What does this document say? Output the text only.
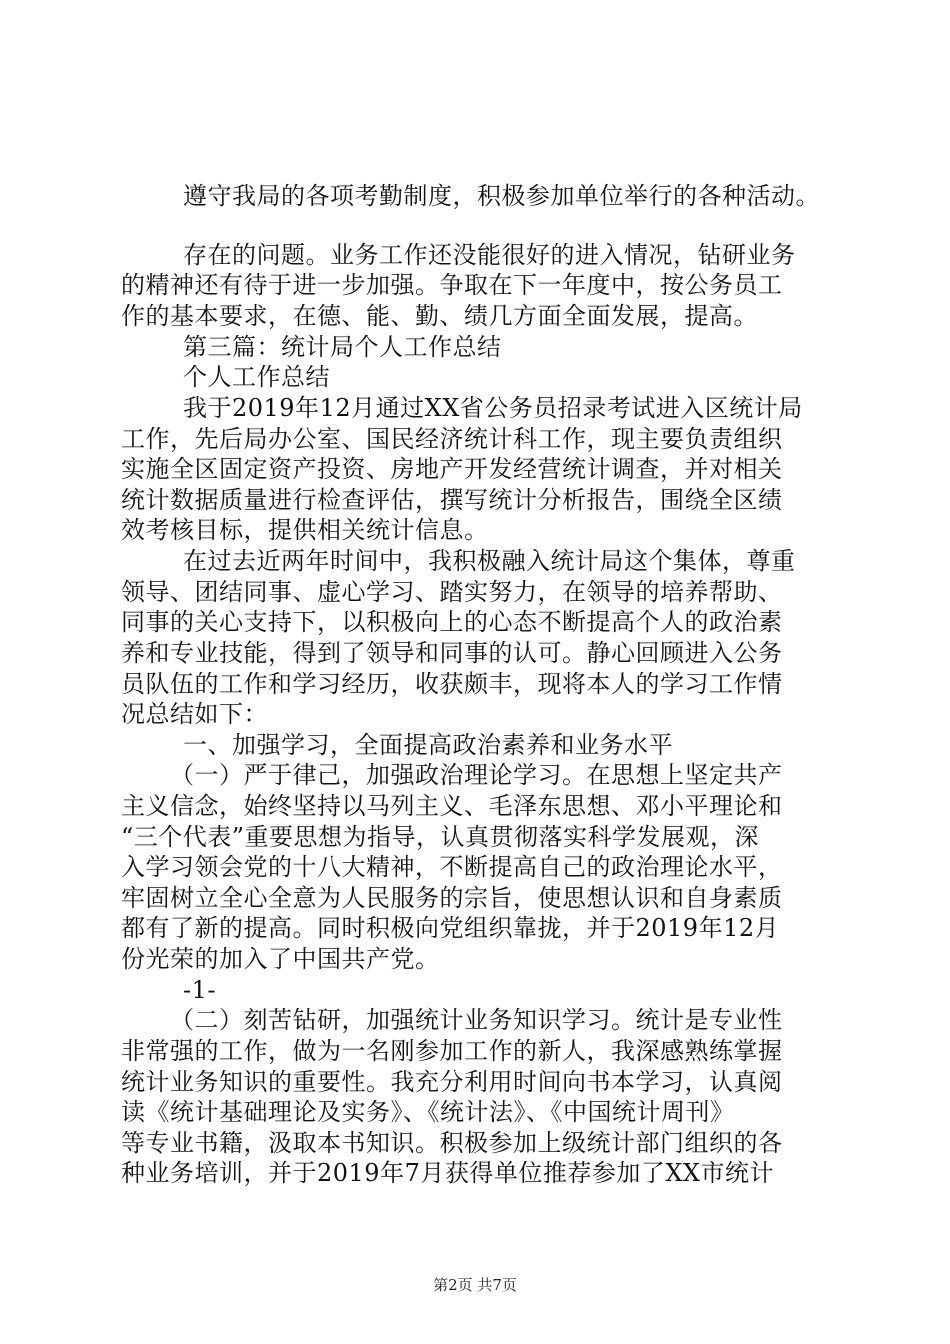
遵守我局的各项考勤制度，积极参加单位举行的各种活动。
存在的问题。业务工作还没能很好的进入情况，钻研业务
的精神还有待于进一步加强。争取在下一年度中，按公务员工
作的基本要求，在德、能、勤、绩几方面全面发展，提高。
第三篇：统计局个人工作总结
个人工作总结
我于2019年12月通过XX省公务员招录考试进入区统计局
工作，先后局办公室、国民经济统计科工作，现主要负责组织
实施全区固定资产投资、房地产开发经营统计调查，并对相关
统计数据质量进行检查评估，撰写统计分析报告，围绕全区绩
效考核目标，提供相关统计信息。
在过去近两年时间中，我积极融入统计局这个集体，尊重
领导、团结同事、虚心学习、踏实努力，在领导的培养帮助、
同事的关心支持下，以积极向上的心态不断提高个人的政治素
养和专业技能，得到了领导和同事的认可。静心回顾进入公务
员队伍的工作和学习经历，收获颇丰，现将本人的学习工作情
况总结如下：
一、加强学习，全面提高政治素养和业务水平
（一）严于律己，加强政治理论学习。在思想上坚定共产
主义信念，始终坚持以马列主义、毛泽东思想、邓小平理论和
“三个代表”重要思想为指导，认真贯彻落实科学发展观，深
入学习领会党的十八大精神，不断提高自己的政治理论水平，
牢固树立全心全意为人民服务的宗旨，使思想认识和自身素质
都有了新的提高。同时积极向党组织靠拢，并于2019年12月
份光荣的加入了中国共产党。
-1-
（二）刻苦钻研，加强统计业务知识学习。统计是专业性
非常强的工作，做为一名刚参加工作的新人，我深感熟练掌握
统计业务知识的重要性。我充分利用时间向书本学习，认真阅
读《统计基础理论及实务》、《统计法》、《中国统计周刊》
等专业书籍，汲取本书知识。积极参加上级统计部门组织的各
种业务培训，并于2019年7月获得单位推荐参加了XX市统计
第2页 共7页
